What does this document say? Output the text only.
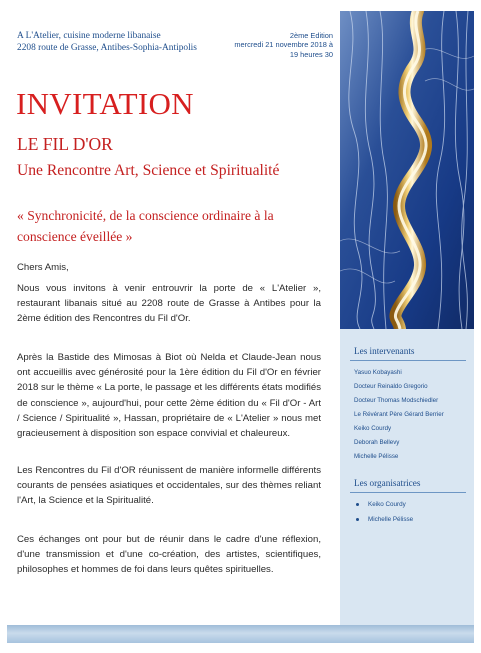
A L'Atelier, cuisine moderne libanaise
2208 route de Grasse, Antibes-Sophia-Antipolis
2ème Edition
mercredi 21 novembre 2018 à
19 heures 30
INVITATION
LE FIL D'OR
Une Rencontre Art, Science et Spiritualité
« Synchronicité, de la conscience ordinaire à la conscience éveillée »
Chers Amis,
Nous vous invitons à venir entrouvrir la porte de « L'Atelier », restaurant libanais situé au 2208 route de Grasse à Antibes pour la 2ème édition des Rencontres du Fil d'Or.
Après la Bastide des Mimosas à Biot où Nelda et Claude-Jean nous ont accueillis avec générosité pour la 1ère édition du Fil d'Or en février 2018 sur le thème « La porte, le passage et les différents états modifiés de conscience », aujourd'hui, pour cette 2ème édition du « Fil d'Or - Art / Science / Spiritualité », Hassan, propriétaire de « L'Atelier » nous met gracieusement à disposition son espace convivial et chaleureux.
Les Rencontres du Fil d'OR réunissent de manière informelle différents courants de pensées asiatiques et occidentales, sur des thèmes reliant l'Art, la Science et la Spiritualité.
Ces échanges ont pour but de réunir dans le cadre d'une réflexion, d'une transmission et d'une co-création, des artistes, scientifiques, philosophes et hommes de foi dans leurs quêtes spirituelles.
Les intervenants
Yasuo Kobayashi
Docteur Reinaldo Gregorio
Docteur Thomas Modschiedler
Le Révérant Père Gérard Berrier
Keiko Courdy
Deborah Bellevy
Michelle Pélisse
Les organisatrices
Keiko Courdy
Michelle Pélisse
